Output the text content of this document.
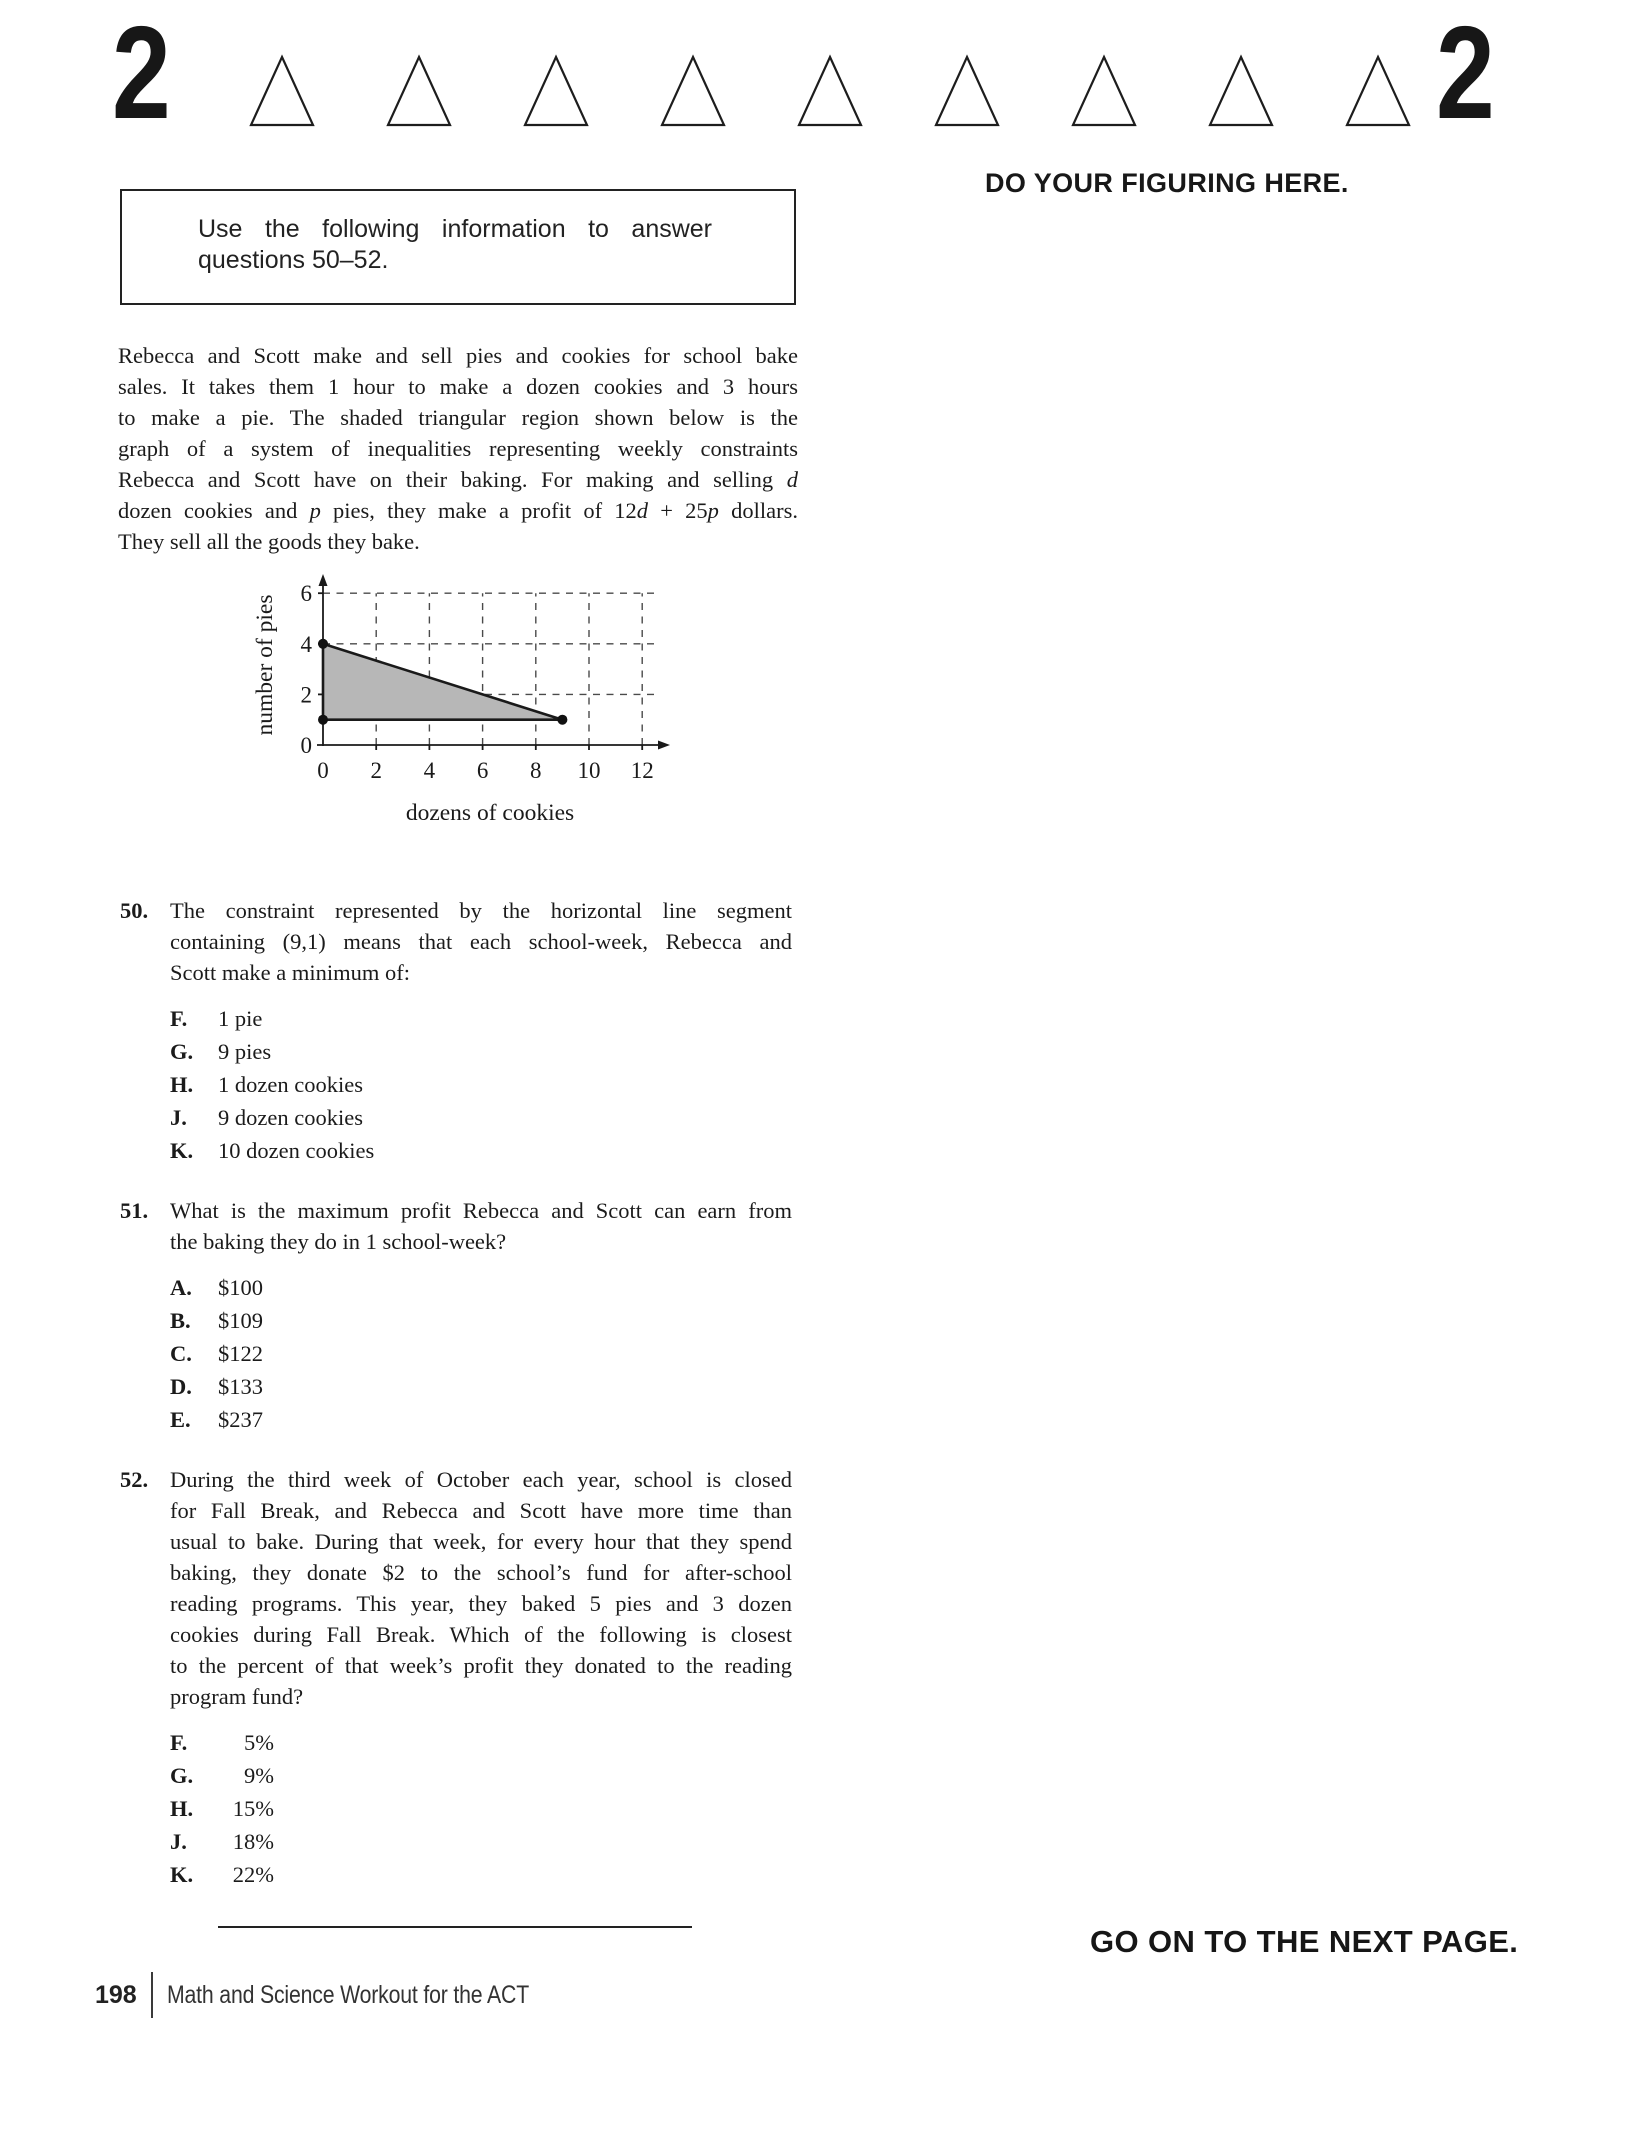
2	2
DO YOUR FIGURING HERE.
Use the following information to answer
questions 50–52.
Rebecca and Scott make and sell pies and cookies for school bake
sales. It takes them 1 hour to make a dozen cookies and 3 hours
to make a pie. The shaded triangular region shown below is the
graph of a system of inequalities representing weekly constraints
Rebecca and Scott have on their baking. For making and selling d
dozen cookies and p pies, they make a profit of 12d + 25p dollars.
They sell all the goods they bake.
0 2 4 6 8 10 12
0
2
4
6
dozens of cookies
number of pies
50. The constraint represented by the horizontal line segment
containing (9,1) means that each school-week, Rebecca and
Scott make a minimum of:
F. 1 pie
G. 9 pies
H. 1 dozen cookies
J. 9 dozen cookies
K. 10 dozen cookies
51. What is the maximum profit Rebecca and Scott can earn from
the baking they do in 1 school-week?
A. $100
B. $109
C. $122
D. $133
E. $237
52. During the third week of October each year, school is closed
for Fall Break, and Rebecca and Scott have more time than
usual to bake. During that week, for every hour that they spend
baking, they donate $2 to the school’s fund for after-school
reading programs. This year, they baked 5 pies and 3 dozen
cookies during Fall Break. Which of the following is closest
to the percent of that week’s profit they donated to the reading
program fund?
F.	5%
G. 9%
H. 15%
J. 18%
K. 22%
GO ON TO THE NEXT PAGE.
198 Math and Science Workout for the ACT
